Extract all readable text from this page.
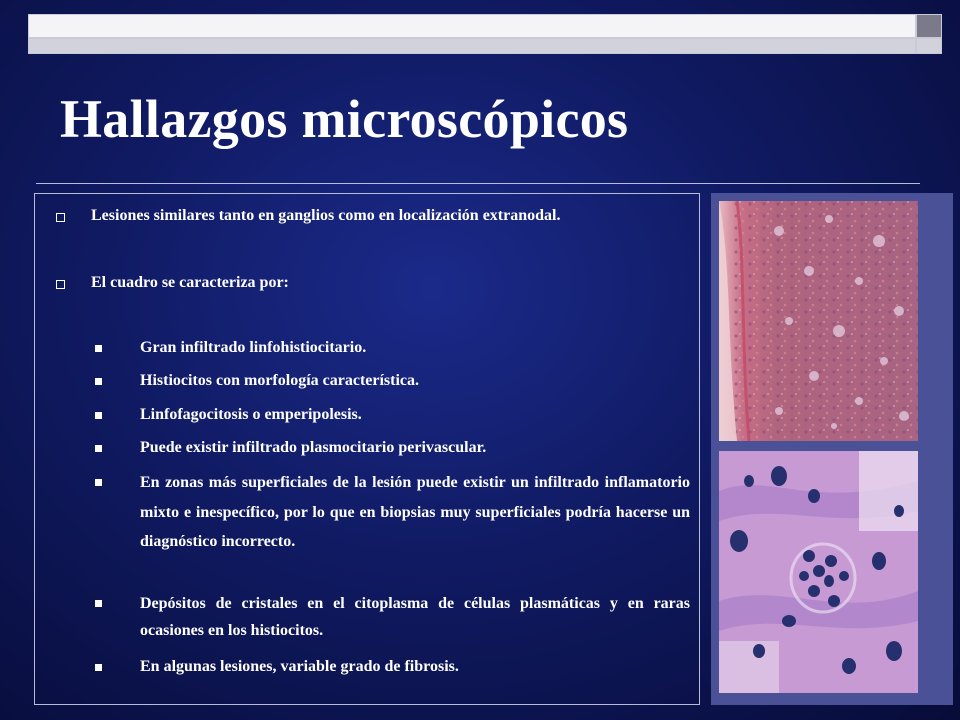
Hallazgos microscópicos
Lesiones similares tanto en ganglios como en localización extranodal.
El cuadro se caracteriza por:
Gran infiltrado linfohistiocitario.
Histiocitos con morfología característica.
Linfofagocitosis o emperipolesis.
Puede existir infiltrado plasmocitario perivascular.
En zonas más superficiales de la lesión puede existir un infiltrado inflamatorio mixto e inespecífico, por lo que en biopsias muy superficiales podría hacerse un diagnóstico incorrecto.
Depósitos de cristales en el citoplasma de células plasmáticas y en raras ocasiones en los histiocitos.
En algunas lesiones, variable grado de fibrosis.
